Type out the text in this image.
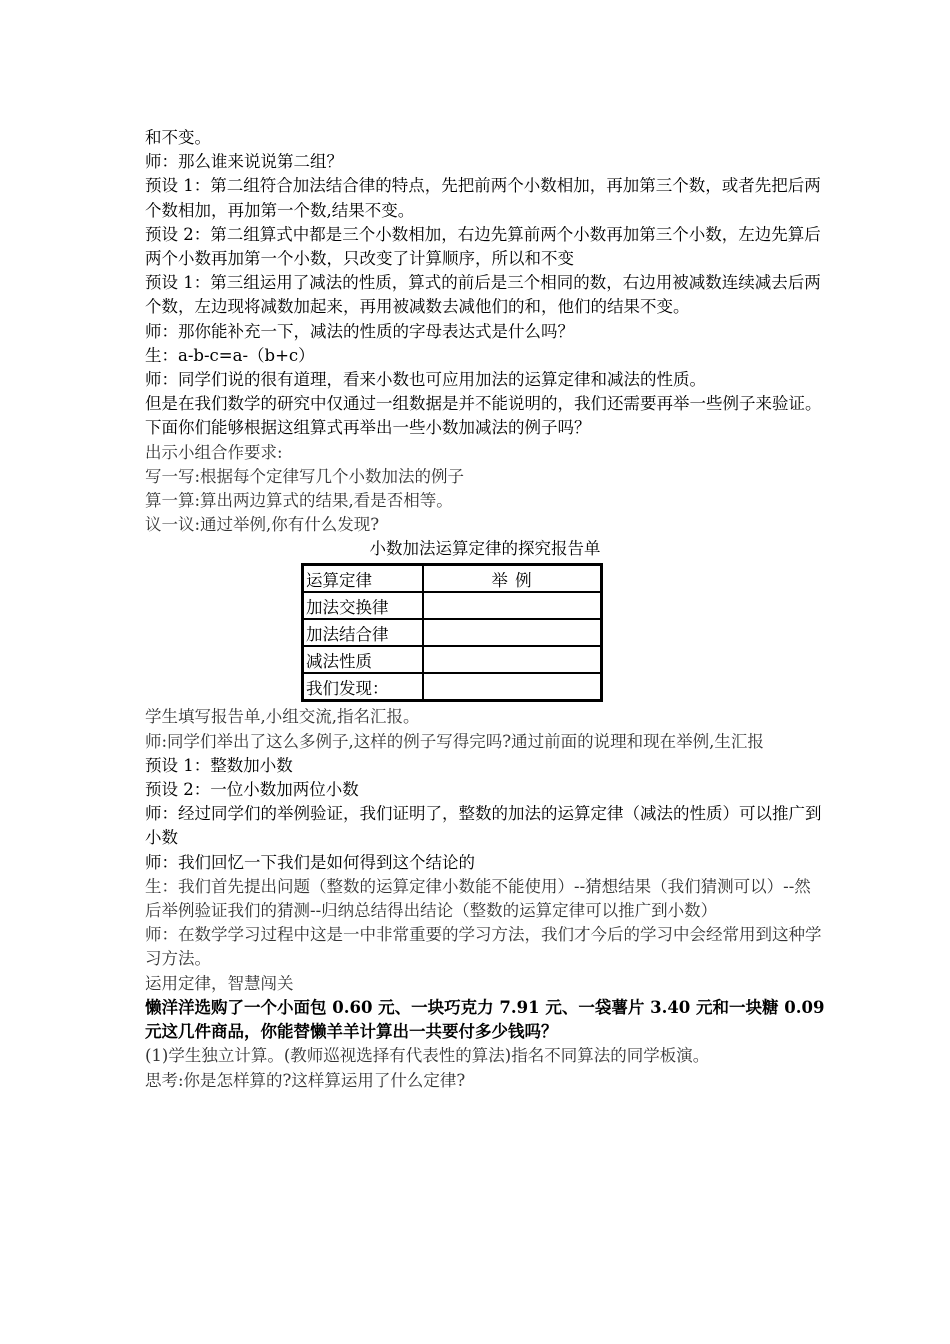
和不变。

师：那么谁来说说第二组？

预设 1：第二组符合加法结合律的特点，先把前两个小数相加，再加第三个数，或者先把后两个数相加，再加第一个数,结果不变。

预设 2：第二组算式中都是三个小数相加，右边先算前两个小数再加第三个小数，左边先算后两个小数再加第一个小数，只改变了计算顺序，所以和不变

预设 1：第三组运用了减法的性质，算式的前后是三个相同的数，右边用被减数连续减去后两个数，左边现将减数加起来，再用被减数去减他们的和，他们的结果不变。

师：那你能补充一下，减法的性质的字母表达式是什么吗？

生：a-b-c=a-（b+c）

师：同学们说的很有道理，看来小数也可应用加法的运算定律和减法的性质。

但是在我们数学的研究中仅通过一组数据是并不能说明的，我们还需要再举一些例子来验证。

下面你们能够根据这组算式再举出一些小数加减法的例子吗？

出示小组合作要求:

写一写:根据每个定律写几个小数加法的例子

算一算:算出两边算式的结果,看是否相等。

议一议:通过举例,你有什么发现?

小数加法运算定律的探究报告单

运算定律	举 例
加法交换律	
加法结合律	
减法性质	
我们发现：	

学生填写报告单,小组交流,指名汇报。

师:同学们举出了这么多例子,这样的例子写得完吗?通过前面的说理和现在举例,生汇报

预设 1：整数加小数

预设 2：一位小数加两位小数

师：经过同学们的举例验证，我们证明了，整数的加法的运算定律（减法的性质）可以推广到小数

师：我们回忆一下我们是如何得到这个结论的

生：我们首先提出问题（整数的运算定律小数能不能使用）--猜想结果（我们猜测可以）--然后举例验证我们的猜测--归纳总结得出结论（整数的运算定律可以推广到小数）

师：在数学学习过程中这是一中非常重要的学习方法，我们才今后的学习中会经常用到这种学习方法。

运用定律，智慧闯关

懒洋洋选购了一个小面包 0.60 元、一块巧克力 7.91 元、一袋薯片 3.40 元和一块糖 0.09 元这几件商品，你能替懒羊羊计算出一共要付多少钱吗？

(1)学生独立计算。(教师巡视选择有代表性的算法)指名不同算法的同学板演。

思考:你是怎样算的?这样算运用了什么定律?
